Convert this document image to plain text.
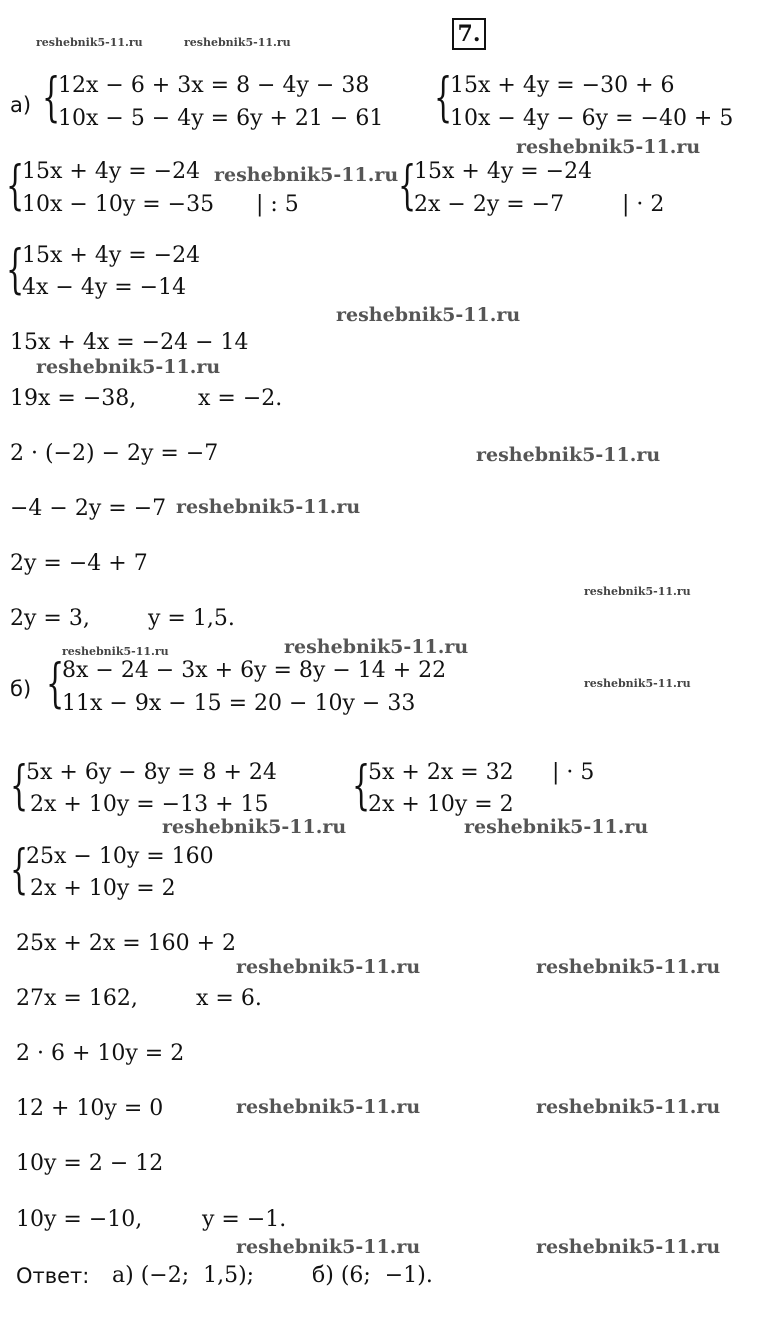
7.
reshebnik5-11.ru	reshebnik5-11.ru
reshebnik5-11.ru
reshebnik5-11.ru
reshebnik5-11.ru
reshebnik5-11.ru
reshebnik5-11.ru
reshebnik5-11.ru
reshebnik5-11.ru
reshebnik5-11.ru	reshebnik5-11.ru
reshebnik5-11.ru
reshebnik5-11.ru	reshebnik5-11.ru
reshebnik5-11.ru	reshebnik5-11.ru
reshebnik5-11.ru	reshebnik5-11.ru
reshebnik5-11.ru	reshebnik5-11.ru
а) {
12x − 6 + 3x = 8 − 4y − 38
10x − 5 − 4y = 6y + 21 − 61 {
15x + 4y = −30 + 6
10x − 4y − 6y = −40 + 5
{
15x + 4y = −24
10x − 10y = −35 | : 5 {
15x + 4y = −24
2x − 2y = −7	| · 2
{
15x + 4y = −24
4x − 4y = −14
15x + 4x = −24 − 14
19x = −38,	x = −2.
2 · (−2) − 2y = −7
−4 − 2y = −7
2y = −4 + 7
2y = 3,	y = 1,5.
б) {
8x − 24 − 3x + 6y = 8y − 14 + 22
11x − 9x − 15 = 20 − 10y − 33
{
5x + 6y − 8y = 8 + 24
2x + 10y = −13 + 15 {
5x + 2x = 32
2x + 10y = 2
| · 5
{
25x − 10y = 160
2x + 10y = 2
25x + 2x = 160 + 2
27x = 162,	x = 6.
2 · 6 + 10y = 2
12 + 10y = 0
10y = 2 − 12
10y = −10,	y = −1.
Ответ: а) (−2;  1,5);	б) (6;  −1).
